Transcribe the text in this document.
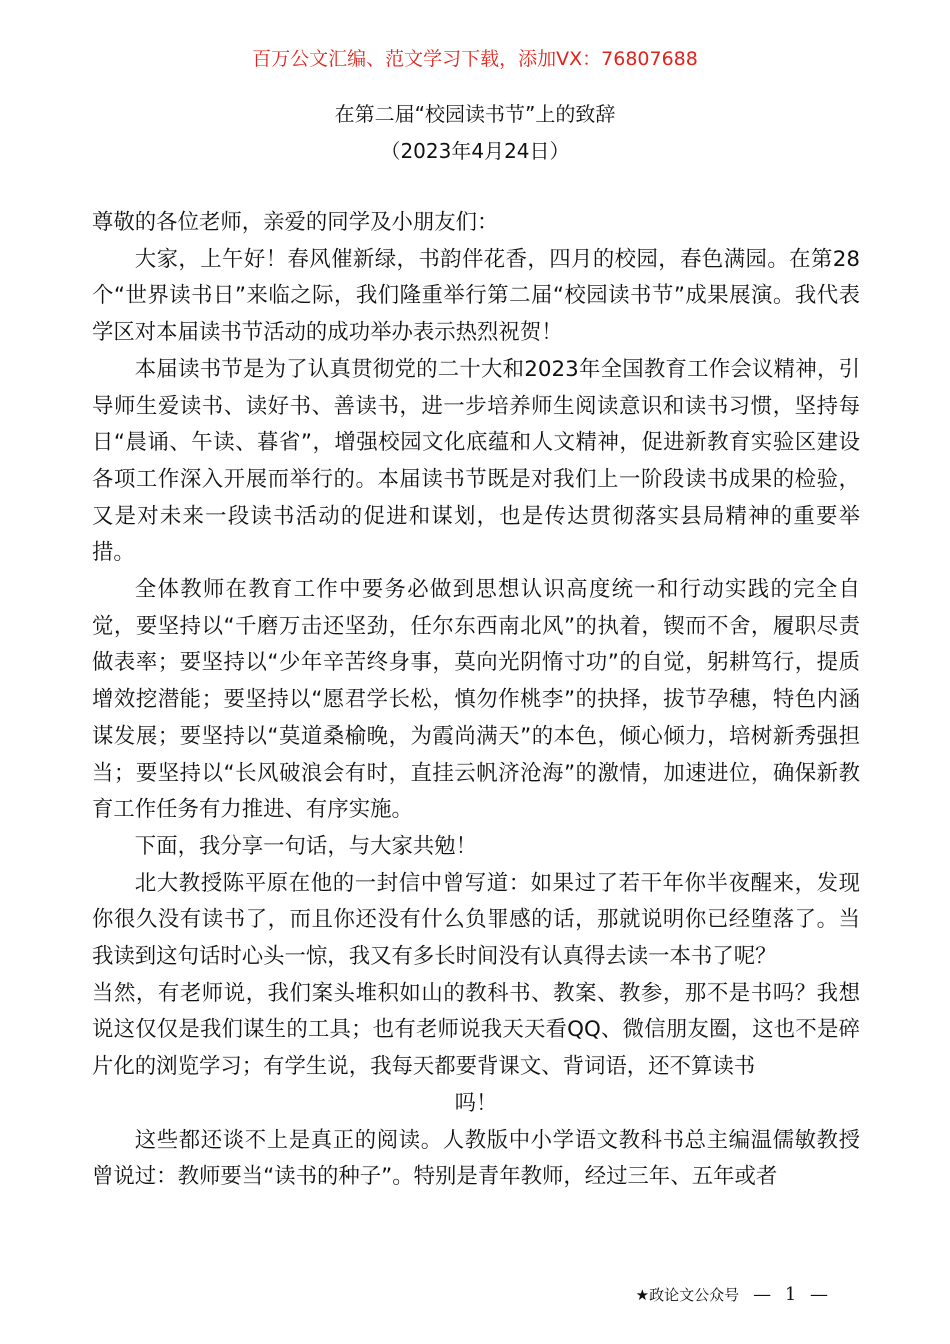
百万公文汇编、范文学习下载，添加VX：76807688
在第二届“校园读书节”上的致辞
（2023年4月24日）

尊敬的各位老师，亲爱的同学及小朋友们：

大家，上午好！春风催新绿，书韵伴花香，四月的校园，春色满园。在第28个“世界读书日”来临之际，我们隆重举行第二届“校园读书节”成果展演。我代表学区对本届读书节活动的成功举办表示热烈祝贺！

本届读书节是为了认真贯彻党的二十大和2023年全国教育工作会议精神，引导师生爱读书、读好书、善读书，进一步培养师生阅读意识和读书习惯，坚持每日“晨诵、午读、暮省”，增强校园文化底蕴和人文精神，促进新教育实验区建设各项工作深入开展而举行的。本届读书节既是对我们上一阶段读书成果的检验，又是对未来一段读书活动的促进和谋划，也是传达贯彻落实县局精神的重要举措。

全体教师在教育工作中要务必做到思想认识高度统一和行动实践的完全自觉，要坚持以“千磨万击还坚劲，任尔东西南北风”的执着，锲而不舍，履职尽责做表率；要坚持以“少年辛苦终身事，莫向光阴惰寸功”的自觉，躬耕笃行，提质增效挖潜能；要坚持以“愿君学长松，慎勿作桃李”的抉择，拔节孕穗，特色内涵谋发展；要坚持以“莫道桑榆晚，为霞尚满天”的本色，倾心倾力，培树新秀强担当；要坚持以“长风破浪会有时，直挂云帆济沧海”的激情，加速进位，确保新教育工作任务有力推进、有序实施。

下面，我分享一句话，与大家共勉！

北大教授陈平原在他的一封信中曾写道：如果过了若干年你半夜醒来，发现你很久没有读书了，而且你还没有什么负罪感的话，那就说明你已经堕落了。当我读到这句话时心头一惊，我又有多长时间没有认真得去读一本书了呢？

当然，有老师说，我们案头堆积如山的教科书、教案、教参，那不是书吗？我想说这仅仅是我们谋生的工具；也有老师说我天天看QQ、微信朋友圈，这也不是碎片化的浏览学习；有学生说，我每天都要背课文、背词语，还不算读书

吗！

这些都还谈不上是真正的阅读。人教版中小学语文教科书总主编温儒敏教授曾说过：教师要当“读书的种子”。特别是青年教师，经过三年、五年或者

★政论文公众号 — 1 —
